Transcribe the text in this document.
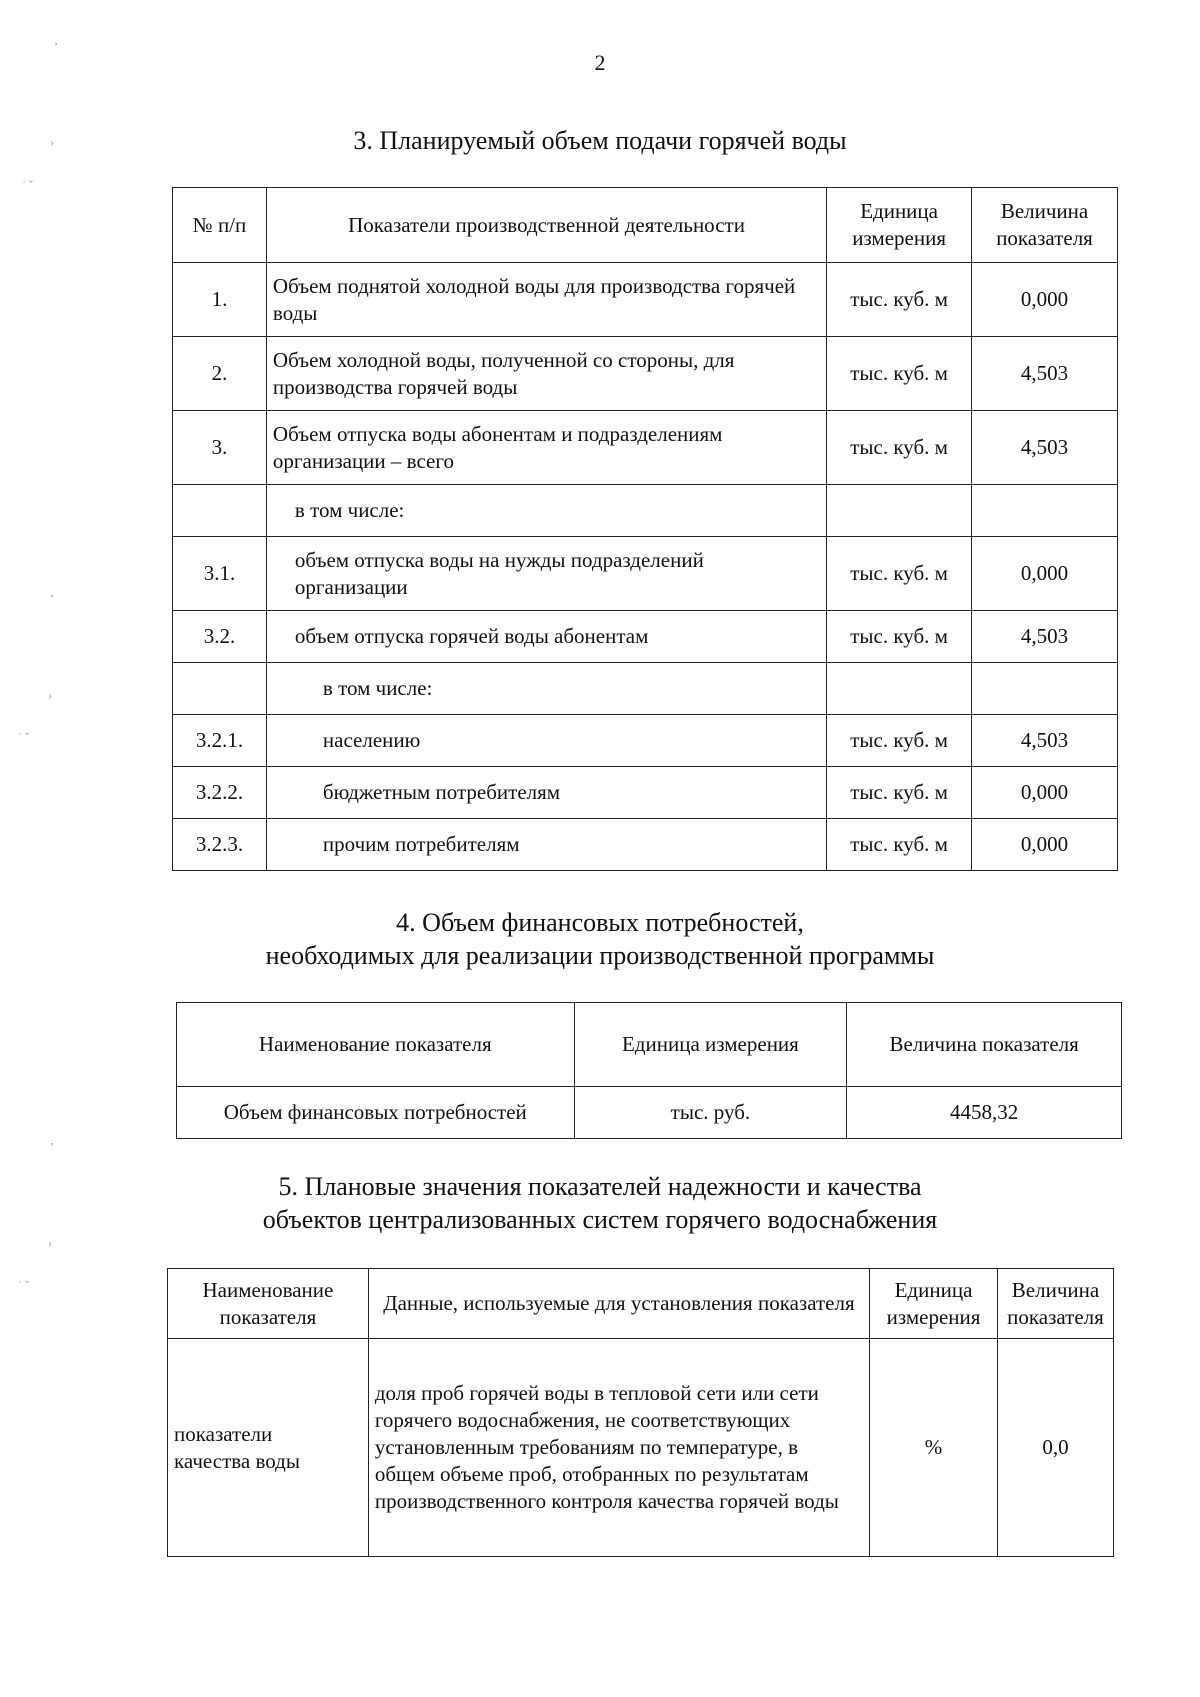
2
3. Планируемый объем подачи горячей воды
№ п/п	Показатели производственной деятельности	Единица измерения	Величина показателя
1.	Объем поднятой холодной воды для производства горячей воды	тыс. куб. м	0,000
2.	Объем холодной воды, полученной со стороны, для производства горячей воды	тыс. куб. м	4,503
3.	Объем отпуска воды абонентам и подразделениям организации – всего	тыс. куб. м	4,503
	в том числе:		
3.1.	объем отпуска воды на нужды подразделений организации	тыс. куб. м	0,000
3.2.	объем отпуска горячей воды абонентам	тыс. куб. м	4,503
	в том числе:		
3.2.1.	населению	тыс. куб. м	4,503
3.2.2.	бюджетным потребителям	тыс. куб. м	0,000
3.2.3.	прочим потребителям	тыс. куб. м	0,000
4. Объем финансовых потребностей,
необходимых для реализации производственной программы
Наименование показателя	Единица измерения	Величина показателя
Объем финансовых потребностей	тыс. руб.	4458,32
5. Плановые значения показателей надежности и качества
объектов централизованных систем горячего водоснабжения
Наименование показателя	Данные, используемые для установления показателя	Единица измерения	Величина показателя
показатели качества воды	доля проб горячей воды в тепловой сети или сети горячего водоснабжения, не соответствующих установленным требованиям по температуре, в общем объеме проб, отобранных по результатам производственного контроля качества горячей воды	%	0,0
ʼ
›
˙ ˇ
ʼ
›
˙ ˇ
ʼ
›
˙ ˇ
